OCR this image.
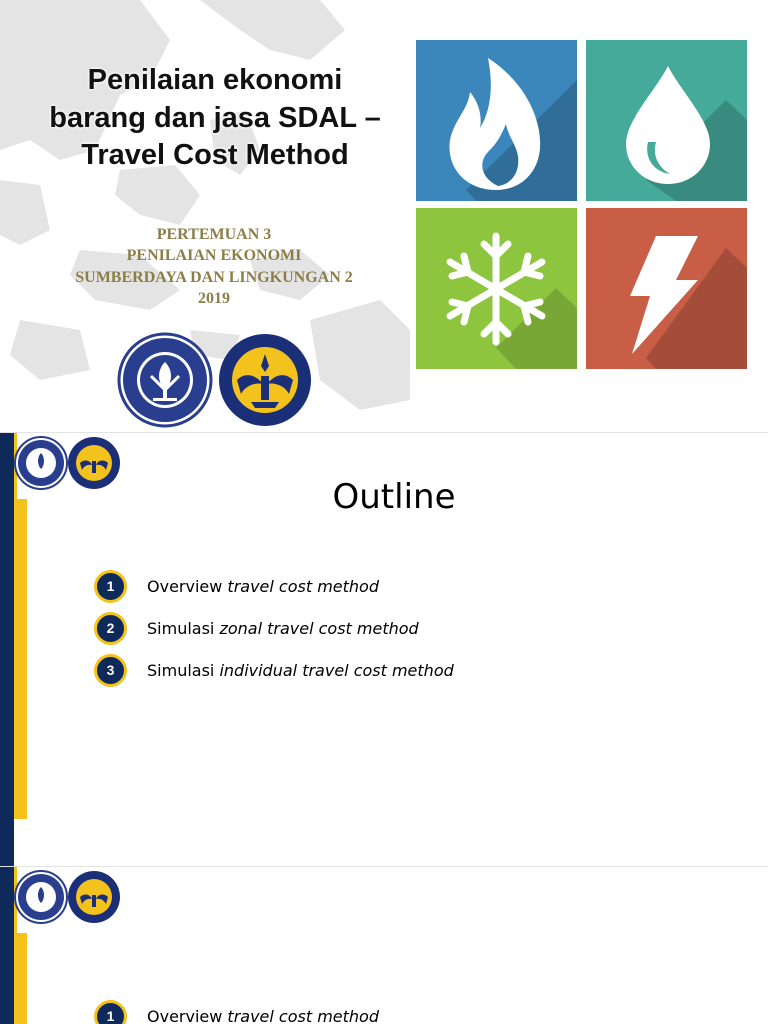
Penilaian ekonomi
barang dan jasa SDAL –
Travel Cost Method
PERTEMUAN 3
PENILAIAN EKONOMI
SUMBERDAYA DAN LINGKUNGAN 2
2019
Outline
1	Overview travel cost method
2	Simulasi zonal travel cost method
3	Simulasi individual travel cost method
1	Overview travel cost method
